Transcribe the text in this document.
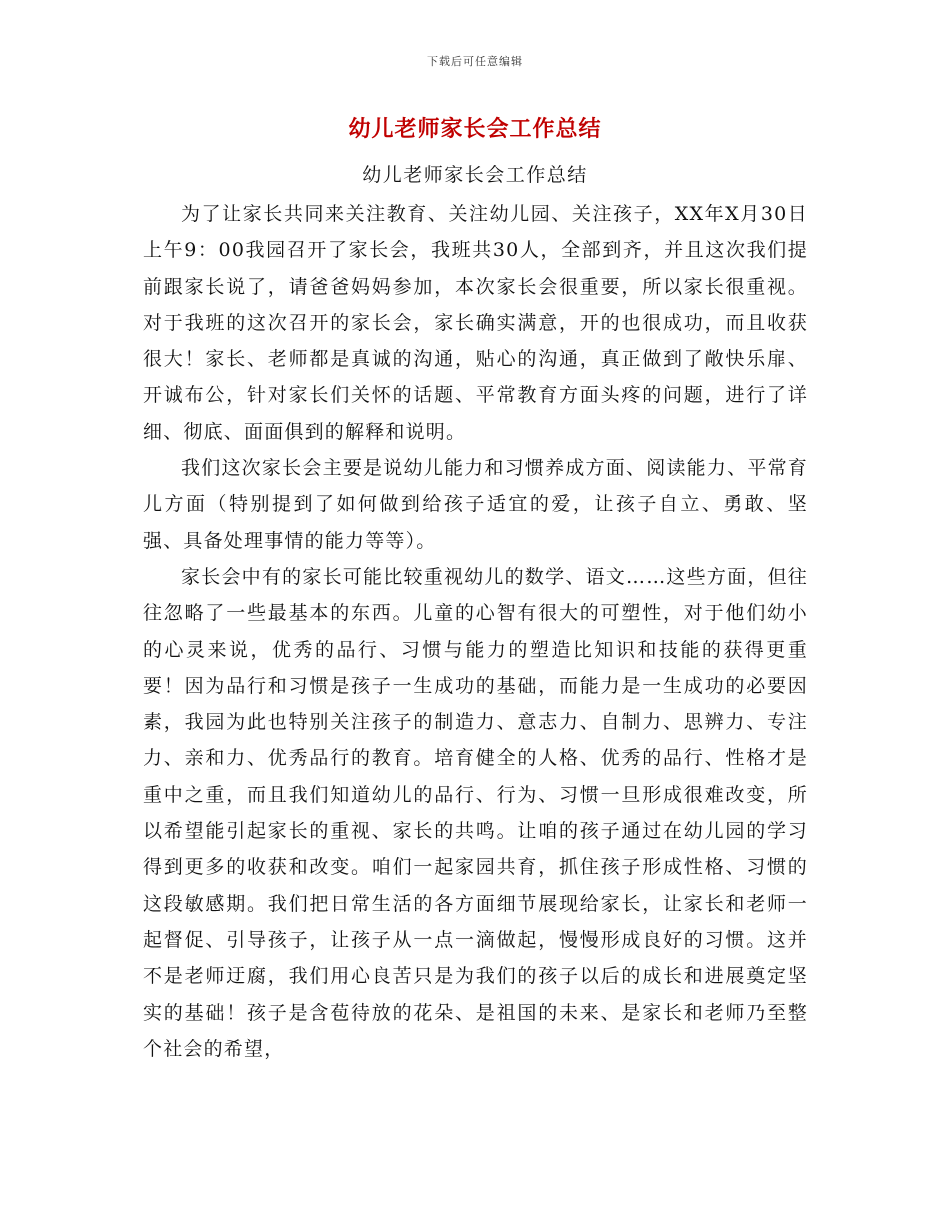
下载后可任意编辑
幼儿老师家长会工作总结
幼儿老师家长会工作总结

为了让家长共同来关注教育、关注幼儿园、关注孩子，XX年X月30日上午9：00我园召开了家长会，我班共30人，全部到齐，并且这次我们提前跟家长说了，请爸爸妈妈参加，本次家长会很重要，所以家长很重视。对于我班的这次召开的家长会，家长确实满意，开的也很成功，而且收获很大！家长、老师都是真诚的沟通，贴心的沟通，真正做到了敞快乐扉、开诚布公，针对家长们关怀的话题、平常教育方面头疼的问题，进行了详细、彻底、面面俱到的解释和说明。

我们这次家长会主要是说幼儿能力和习惯养成方面、阅读能力、平常育儿方面（特别提到了如何做到给孩子适宜的爱，让孩子自立、勇敢、坚强、具备处理事情的能力等等）。

家长会中有的家长可能比较重视幼儿的数学、语文……这些方面，但往往忽略了一些最基本的东西。儿童的心智有很大的可塑性，对于他们幼小的心灵来说，优秀的品行、习惯与能力的塑造比知识和技能的获得更重要！因为品行和习惯是孩子一生成功的基础，而能力是一生成功的必要因素，我园为此也特别关注孩子的制造力、意志力、自制力、思辨力、专注力、亲和力、优秀品行的教育。培育健全的人格、优秀的品行、性格才是重中之重，而且我们知道幼儿的品行、行为、习惯一旦形成很难改变，所以希望能引起家长的重视、家长的共鸣。让咱的孩子通过在幼儿园的学习得到更多的收获和改变。咱们一起家园共育，抓住孩子形成性格、习惯的这段敏感期。我们把日常生活的各方面细节展现给家长，让家长和老师一起督促、引导孩子，让孩子从一点一滴做起，慢慢形成良好的习惯。这并不是老师迂腐，我们用心良苦只是为我们的孩子以后的成长和进展奠定坚实的基础！孩子是含苞待放的花朵、是祖国的未来、是家长和老师乃至整个社会的希望，
